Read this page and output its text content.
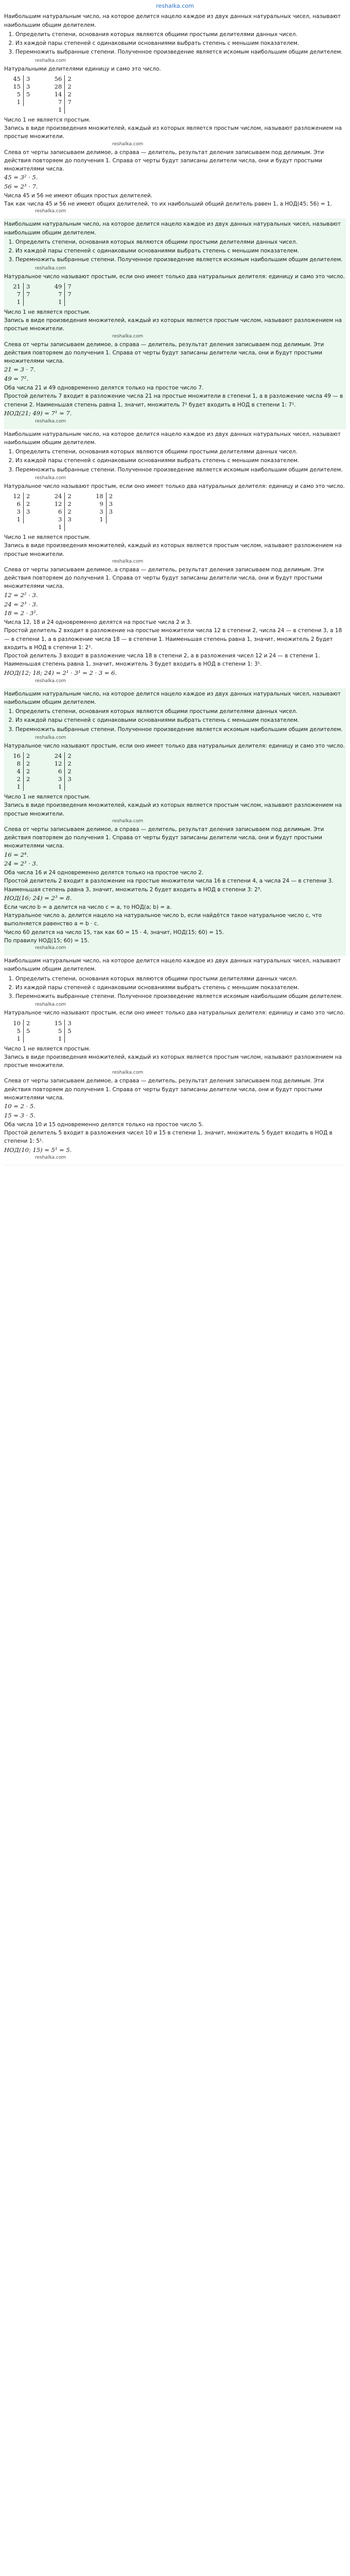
reshalka.com

Наибольшим натуральным число, на которое делится нацело каждое из двух данных натуральных чисел, называют наибольшим общим делителем.

1. Определить степени, основания которых являются общими простыми делителями данных чисел.
2. Из каждой пары степеней с одинаковыми основаниями выбрать степень с меньшим показателем.
3. Перемножить выбранные степени. Полученное произведение является искомым наибольшим общим делителем.
reshalka.com

Натуральными делителями единицу и само это число.

45
15
5
1
3
3
5
56
28
14
7
1
2
2
2
7

Число 1 не является простым.

Запись в виде произведения множителей, каждый из которых является простым числом, называют разложением на простые множители.

reshalka.com

Слева от черты записываем делимое, а справа — делитель, результат деления записываем под делимым. Эти действия повторяем до получения 1. Справа от черты будут записаны делители числа, они и будут простыми множителями числа.

45 = 3² · 5.

56 = 2³ · 7.

Числа 45 и 56 не имеют общих простых делителей.

Так как числа 45 и 56 не имеют общих делителей, то их наибольший общий делитель равен 1, а НОД(45; 56) = 1.

reshalka.com

Наибольшим натуральным число, на которое делится нацело каждое из двух данных натуральных чисел, называют наибольшим общим делителем.

1. Определить степени, основания которых являются общими простыми делителями данных чисел.
2. Из каждой пары степеней с одинаковыми основаниями выбрать степень с меньшим показателем.
3. Перемножить выбранные степени. Полученное произведение является искомым наибольшим общим делителем.
reshalka.com

Натуральное число называют простым, если оно имеет только два натуральных делителя: единицу и само это число.

21
7
1
3
7
49
7
1
7
7

Число 1 не является простым.

Запись в виде произведения множителей, каждый из которых является простым числом, называют разложением на простые множители.

reshalka.com

Слева от черты записываем делимое, а справа — делитель, результат деления записываем под делимым. Эти действия повторяем до получения 1. Справа от черты будут записаны делители числа, они и будут простыми множителями числа.

21 = 3 · 7.

49 = 7².

Оба числа 21 и 49 одновременно делятся только на простое число 7.

Простой делитель 7 входит в разложение числа 21 на простые множители в степени 1, а в разложение числа 49 — в степени 2. Наименьшая степень равна 1, значит, множитель 7¹ будет входить в НОД в степени 1: 7¹.

НОД(21; 49) = 7¹ = 7.

reshalka.com

Наибольшим натуральным число, на которое делится нацело каждое из двух данных натуральных чисел, называют наибольшим общим делителем.

1. Определить степени, основания которых являются общими простыми делителями данных чисел.
2. Из каждой пары степеней с одинаковыми основаниями выбрать степень с меньшим показателем.
3. Перемножить выбранные степени. Полученное произведение является искомым наибольшим общим делителем.
reshalka.com

Натуральное число называют простым, если оно имеет только два натуральных делителя: единицу и само это число.

12
6
3
1
2
2
3
24
12
6
3
1
2
2
2
3
18
9
3
1
2
3
3

Число 1 не является простым.

Запись в виде произведения множителей, каждый из которых является простым числом, называют разложением на простые множители.

reshalka.com

Слева от черты записываем делимое, а справа — делитель, результат деления записываем под делимым. Эти действия повторяем до получения 1. Справа от черты будут записаны делители числа, они и будут простыми множителями числа.

12 = 2² · 3.

24 = 2³ · 3.

18 = 2 · 3².

Числа 12, 18 и 24 одновременно делятся на простые числа 2 и 3.

Простой делитель 2 входит в разложение на простые множители числа 12 в степени 2, числа 24 — в степени 3, а 18 — в степени 1, а в разложение числа 18 — в степени 1. Наименьшая степень равна 1, значит, множитель 2 будет входить в НОД в степени 1: 2¹.

Простой делитель 3 входит в разложение числа 18 в степени 2, а в разложения чисел 12 и 24 — в степени 1. Наименьшая степень равна 1, значит, множитель 3 будет входить в НОД в степени 1: 3¹.

НОД(12; 18; 24) = 2¹ · 3¹ = 2 · 3 = 6.

reshalka.com

Наибольшим натуральным число, на которое делится нацело каждое из двух данных натуральных чисел, называют наибольшим общим делителем.

1. Определить степени, основания которых являются общими простыми делителями данных чисел.
2. Из каждой пары степеней с одинаковыми основаниями выбрать степень с меньшим показателем.
3. Перемножить выбранные степени. Полученное произведение является искомым наибольшим общим делителем.
reshalka.com

Натуральное число называют простым, если оно имеет только два натуральных делителя: единицу и само это число.

16
8
4
2
1
2
2
2
2
24
12
6
3
1
2
2
2
3

Число 1 не является простым.

Запись в виде произведения множителей, каждый из которых является простым числом, называют разложением на простые множители.

reshalka.com

Слева от черты записываем делимое, а справа — делитель, результат деления записываем под делимым. Эти действия повторяем до получения 1. Справа от черты будут записаны делители числа, они и будут простыми множителями числа.

16 = 2⁴.

24 = 2³ · 3.

Оба числа 16 и 24 одновременно делятся только на простое число 2.

Простой делитель 2 входит в разложение на простые множители числа 16 в степени 4, а числа 24 — в степени 3. Наименьшая степень равна 3, значит, множитель 2 будет входить в НОД в степени 3: 2³.

НОД(16; 24) = 2³ = 8.

Если число b = a делится на число c = a, то НОД(a; b) = a.

Натуральное число a, делится нацело на натуральное число b, если найдётся такое натуральное число c, что выполняется равенство a = b · c.

Число 60 делится на число 15, так как 60 = 15 · 4, значит, НОД(15; 60) = 15.

По правилу НОД(15; 60) = 15.

reshalka.com

Наибольшим натуральным число, на которое делится нацело каждое из двух данных натуральных чисел, называют наибольшим общим делителем.

1. Определить степени, основания которых являются общими простыми делителями данных чисел.
2. Из каждой пары степеней с одинаковыми основаниями выбрать степень с меньшим показателем.
3. Перемножить выбранные степени. Полученное произведение является искомым наибольшим общим делителем.
reshalka.com

Натуральное число называют простым, если оно имеет только два натуральных делителя: единицу и само это число.

10
5
1
2
5
15
5
1
3
5

Число 1 не является простым.

Запись в виде произведения множителей, каждый из которых является простым числом, называют разложением на простые множители.

reshalka.com

Слева от черты записываем делимое, а справа — делитель, результат деления записываем под делимым. Эти действия повторяем до получения 1. Справа от черты будут записаны делители числа, они и будут простыми множителями числа.

10 = 2 · 5.

15 = 3 · 5.

Оба числа 10 и 15 одновременно делятся только на простое число 5.

Простой делитель 5 входит в разложения чисел 10 и 15 в степени 1, значит, множитель 5 будет входить в НОД в степени 1: 5¹.

НОД(10; 15) = 5¹ = 5.

reshalka.com
